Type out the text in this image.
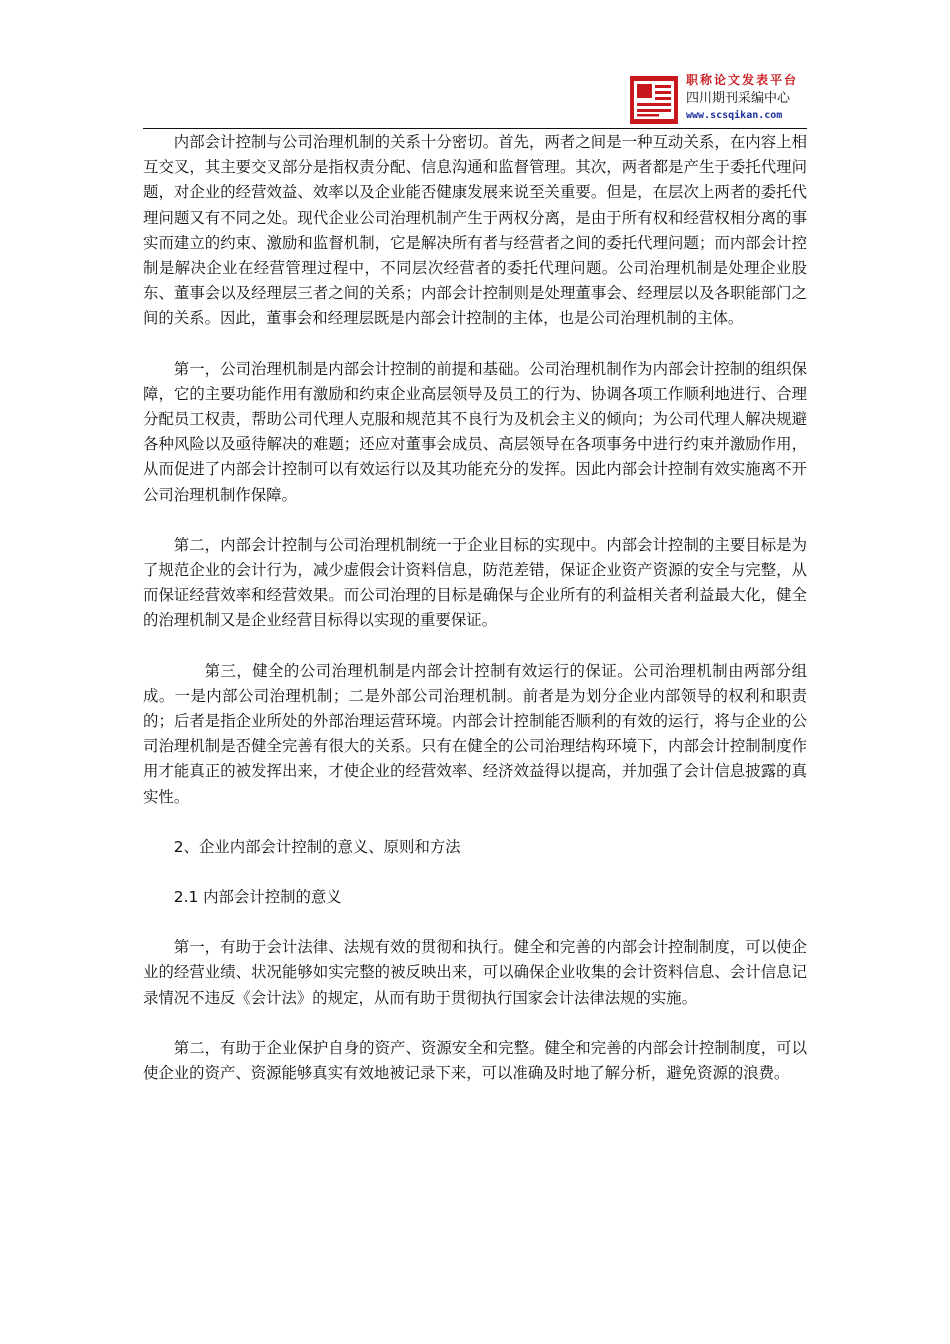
职称论文发表平台
四川期刊采编中心
www.scsqikan.com

内部会计控制与公司治理机制的关系十分密切。首先，两者之间是一种互动关系，在内容上相互交叉，其主要交叉部分是指权责分配、信息沟通和监督管理。其次，两者都是产生于委托代理问题，对企业的经营效益、效率以及企业能否健康发展来说至关重要。但是，在层次上两者的委托代理问题又有不同之处。现代企业公司治理机制产生于两权分离，是由于所有权和经营权相分离的事实而建立的约束、激励和监督机制，它是解决所有者与经营者之间的委托代理问题；而内部会计控制是解决企业在经营管理过程中，不同层次经营者的委托代理问题。公司治理机制是处理企业股东、董事会以及经理层三者之间的关系；内部会计控制则是处理董事会、经理层以及各职能部门之间的关系。因此，董事会和经理层既是内部会计控制的主体，也是公司治理机制的主体。

第一，公司治理机制是内部会计控制的前提和基础。公司治理机制作为内部会计控制的组织保障，它的主要功能作用有激励和约束企业高层领导及员工的行为、协调各项工作顺利地进行、合理分配员工权责，帮助公司代理人克服和规范其不良行为及机会主义的倾向；为公司代理人解决规避各种风险以及亟待解决的难题；还应对董事会成员、高层领导在各项事务中进行约束并激励作用，从而促进了内部会计控制可以有效运行以及其功能充分的发挥。因此内部会计控制有效实施离不开公司治理机制作保障。

第二，内部会计控制与公司治理机制统一于企业目标的实现中。内部会计控制的主要目标是为了规范企业的会计行为，减少虚假会计资料信息，防范差错，保证企业资产资源的安全与完整，从而保证经营效率和经营效果。而公司治理的目标是确保与企业所有的利益相关者利益最大化，健全的治理机制又是企业经营目标得以实现的重要保证。

第三，健全的公司治理机制是内部会计控制有效运行的保证。公司治理机制由两部分组成。一是内部公司治理机制；二是外部公司治理机制。前者是为划分企业内部领导的权利和职责的；后者是指企业所处的外部治理运营环境。内部会计控制能否顺利的有效的运行，将与企业的公司治理机制是否健全完善有很大的关系。只有在健全的公司治理结构环境下，内部会计控制制度作用才能真正的被发挥出来，才使企业的经营效率、经济效益得以提高，并加强了会计信息披露的真实性。

2、企业内部会计控制的意义、原则和方法

2.1 内部会计控制的意义

第一，有助于会计法律、法规有效的贯彻和执行。健全和完善的内部会计控制制度，可以使企业的经营业绩、状况能够如实完整的被反映出来，可以确保企业收集的会计资料信息、会计信息记录情况不违反《会计法》的规定，从而有助于贯彻执行国家会计法律法规的实施。

第二，有助于企业保护自身的资产、资源安全和完整。健全和完善的内部会计控制制度，可以使企业的资产、资源能够真实有效地被记录下来，可以准确及时地了解分析，避免资源的浪费。
